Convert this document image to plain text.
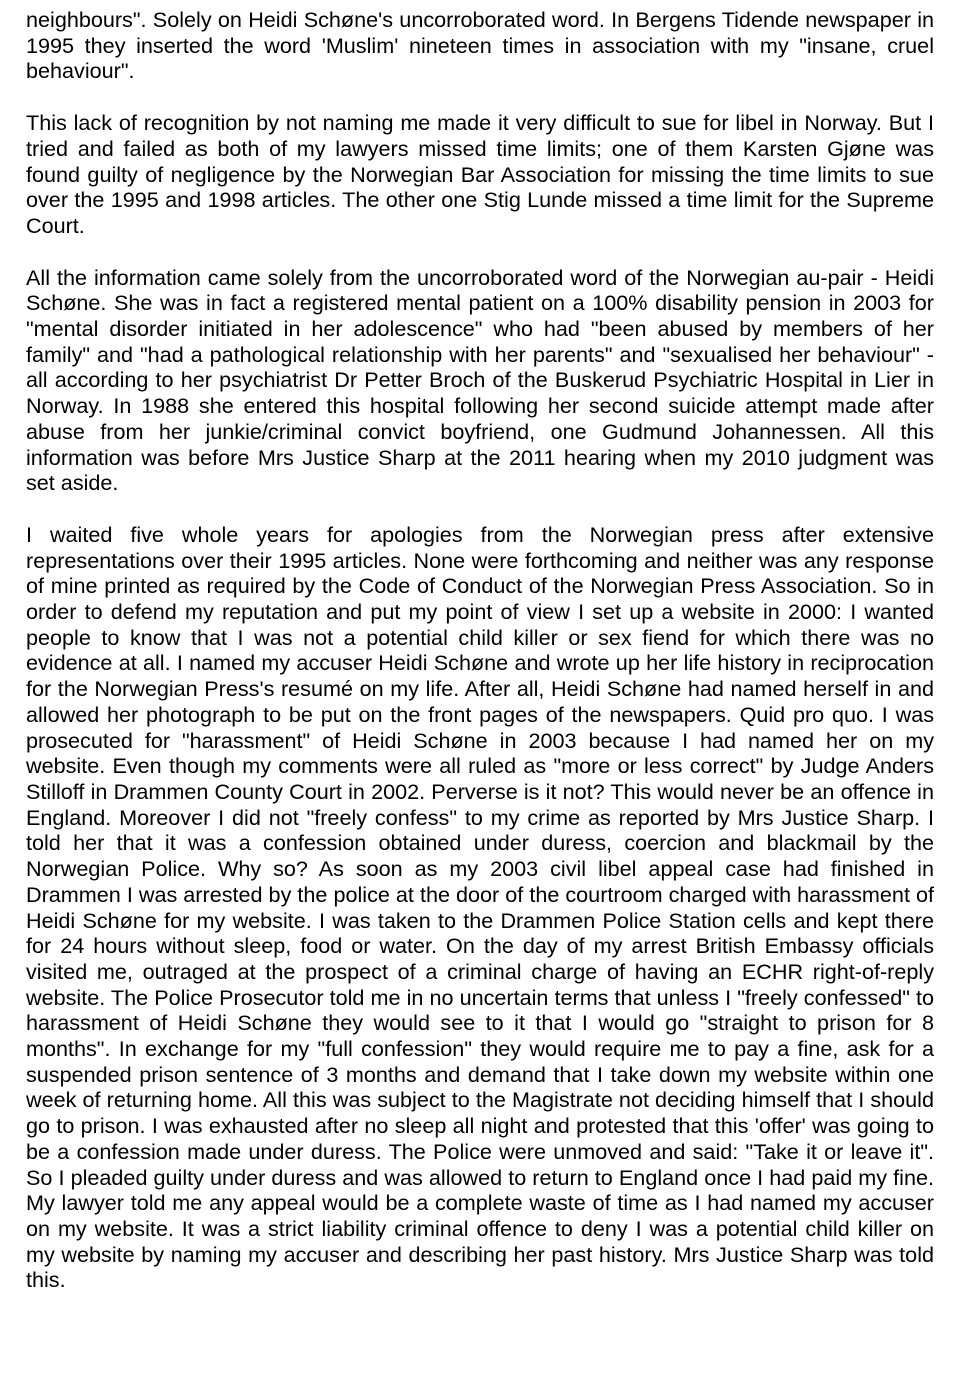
neighbours". Solely on Heidi Schøne's uncorroborated word. In Bergens Tidende newspaper in 1995 they inserted the word 'Muslim' nineteen times in association with my "insane, cruel behaviour".

This lack of recognition by not naming me made it very difficult to sue for libel in Norway. But I tried and failed as both of my lawyers missed time limits; one of them Karsten Gjøne was found guilty of negligence by the Norwegian Bar Association for missing the time limits to sue over the 1995 and 1998 articles. The other one Stig Lunde missed a time limit for the Supreme Court.

All the information came solely from the uncorroborated word of the Norwegian au-pair - Heidi Schøne. She was in fact a registered mental patient on a 100% disability pension in 2003 for "mental disorder initiated in her adolescence" who had "been abused by members of her family" and "had a pathological relationship with her parents" and "sexualised her behaviour" - all according to her psychiatrist Dr Petter Broch of the Buskerud Psychiatric Hospital in Lier in Norway. In 1988 she entered this hospital following her second suicide attempt made after abuse from her junkie/criminal convict boyfriend, one Gudmund Johannessen. All this information was before Mrs Justice Sharp at the 2011 hearing when my 2010 judgment was set aside.

I waited five whole years for apologies from the Norwegian press after extensive representations over their 1995 articles. None were forthcoming and neither was any response of mine printed as required by the Code of Conduct of the Norwegian Press Association. So in order to defend my reputation and put my point of view I set up a website in 2000: I wanted people to know that I was not a potential child killer or sex fiend for which there was no evidence at all. I named my accuser Heidi Schøne and wrote up her life history in reciprocation for the Norwegian Press's resumé on my life. After all, Heidi Schøne had named herself in and allowed her photograph to be put on the front pages of the newspapers. Quid pro quo. I was prosecuted for "harassment" of Heidi Schøne in 2003 because I had named her on my website. Even though my comments were all ruled as "more or less correct" by Judge Anders Stilloff in Drammen County Court in 2002. Perverse is it not? This would never be an offence in England. Moreover I did not "freely confess" to my crime as reported by Mrs Justice Sharp. I told her that it was a confession obtained under duress, coercion and blackmail by the Norwegian Police. Why so? As soon as my 2003 civil libel appeal case had finished in Drammen I was arrested by the police at the door of the courtroom charged with harassment of Heidi Schøne for my website. I was taken to the Drammen Police Station cells and kept there for 24 hours without sleep, food or water. On the day of my arrest British Embassy officials visited me, outraged at the prospect of a criminal charge of having an ECHR right-of-reply website. The Police Prosecutor told me in no uncertain terms that unless I "freely confessed" to harassment of Heidi Schøne they would see to it that I would go "straight to prison for 8 months". In exchange for my "full confession" they would require me to pay a fine, ask for a suspended prison sentence of 3 months and demand that I take down my website within one week of returning home. All this was subject to the Magistrate not deciding himself that I should go to prison. I was exhausted after no sleep all night and protested that this 'offer' was going to be a confession made under duress. The Police were unmoved and said: "Take it or leave it". So I pleaded guilty under duress and was allowed to return to England once I had paid my fine. My lawyer told me any appeal would be a complete waste of time as I had named my accuser on my website. It was a strict liability criminal offence to deny I was a potential child killer on my website by naming my accuser and describing her past history. Mrs Justice Sharp was told this.
